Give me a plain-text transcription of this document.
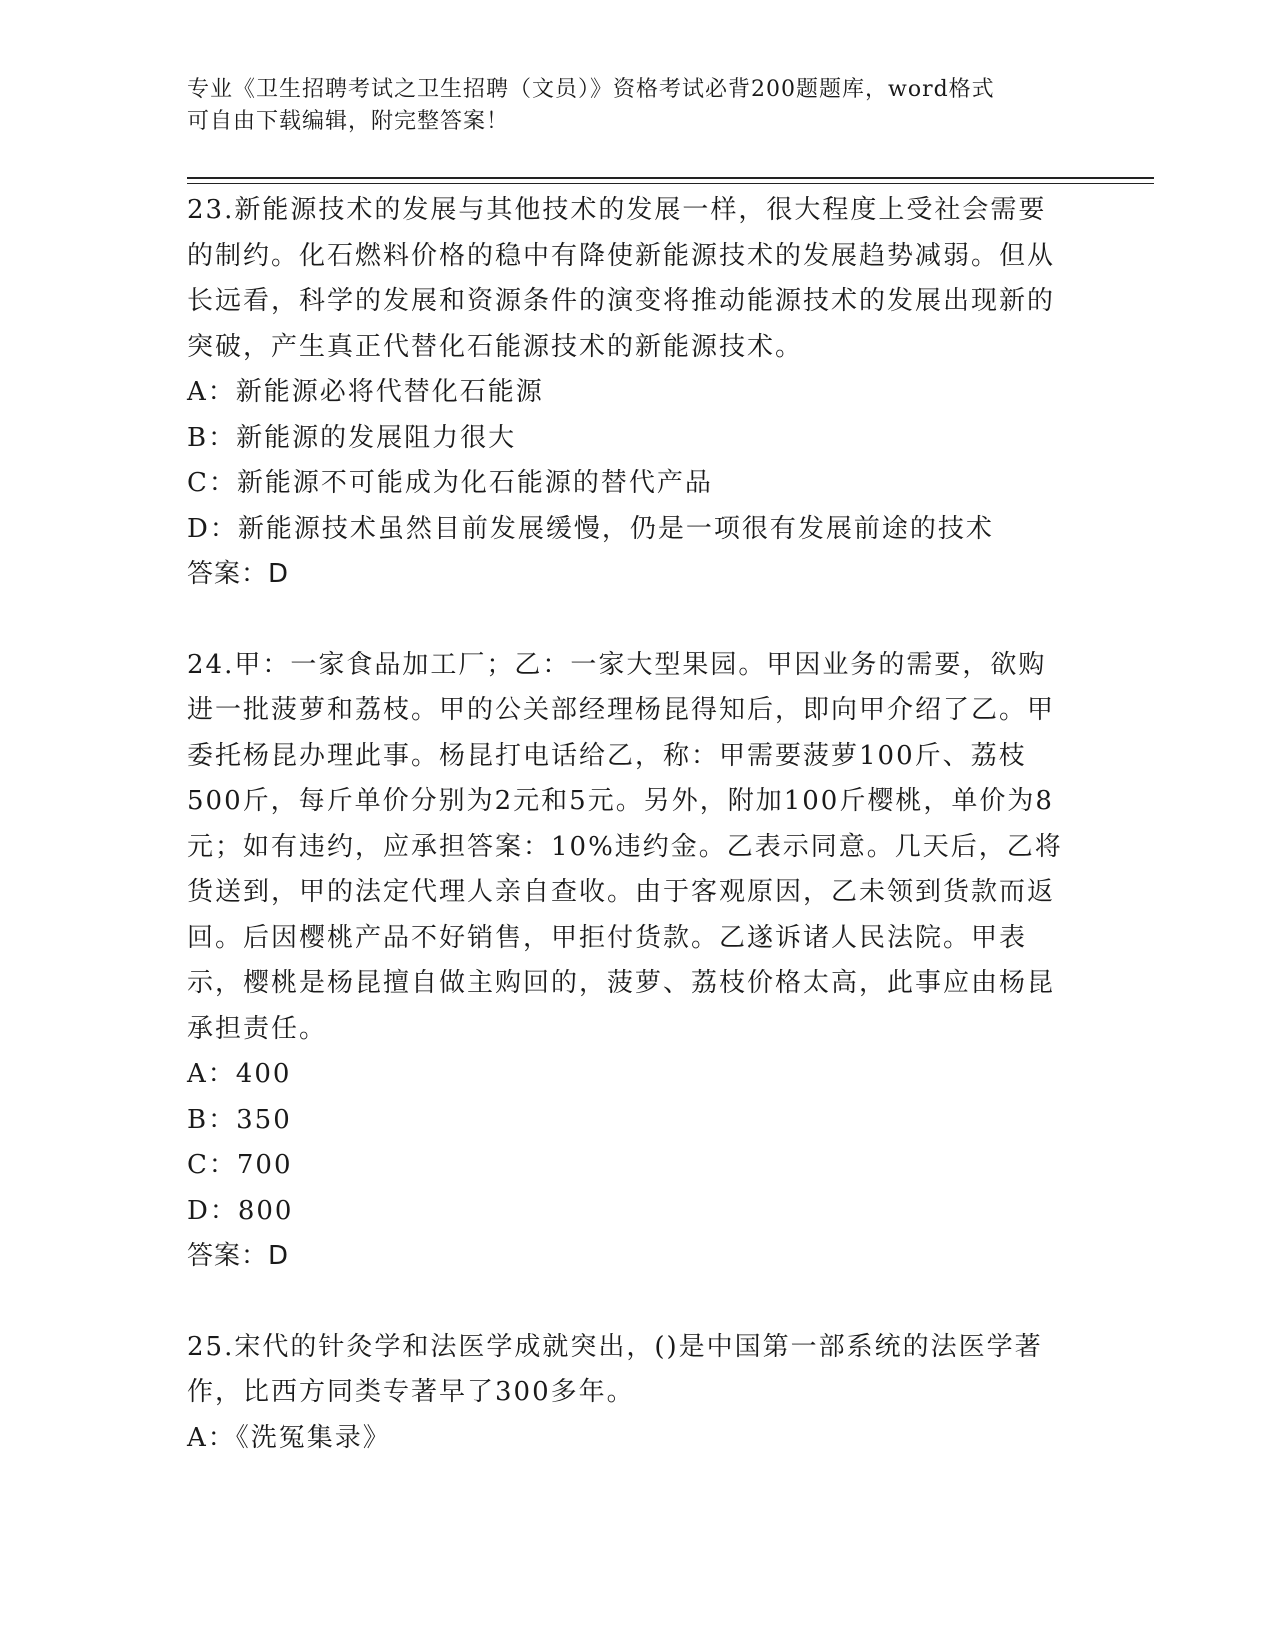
专业《卫生招聘考试之卫生招聘（文员）》资格考试必背200题题库，word格式
可自由下载编辑，附完整答案！

23.新能源技术的发展与其他技术的发展一样，很大程度上受社会需要的制约。化石燃料价格的稳中有降使新能源技术的发展趋势减弱。但从长远看，科学的发展和资源条件的演变将推动能源技术的发展出现新的突破，产生真正代替化石能源技术的新能源技术。

A：新能源必将代替化石能源

B：新能源的发展阻力很大

C：新能源不可能成为化石能源的替代产品

D：新能源技术虽然目前发展缓慢，仍是一项很有发展前途的技术

答案：D

24.甲：一家食品加工厂；乙：一家大型果园。甲因业务的需要，欲购进一批菠萝和荔枝。甲的公关部经理杨昆得知后，即向甲介绍了乙。甲委托杨昆办理此事。杨昆打电话给乙，称：甲需要菠萝100斤、荔枝500斤，每斤单价分别为2元和5元。另外，附加100斤樱桃，单价为8元；如有违约，应承担答案：10%违约金。乙表示同意。几天后，乙将货送到，甲的法定代理人亲自查收。由于客观原因，乙未领到货款而返回。后因樱桃产品不好销售，甲拒付货款。乙遂诉诸人民法院。甲表示，樱桃是杨昆擅自做主购回的，菠萝、荔枝价格太高，此事应由杨昆承担责任。

A：400

B：350

C：700

D：800

答案：D

25.宋代的针灸学和法医学成就突出，()是中国第一部系统的法医学著作，比西方同类专著早了300多年。

A：《洗冤集录》
